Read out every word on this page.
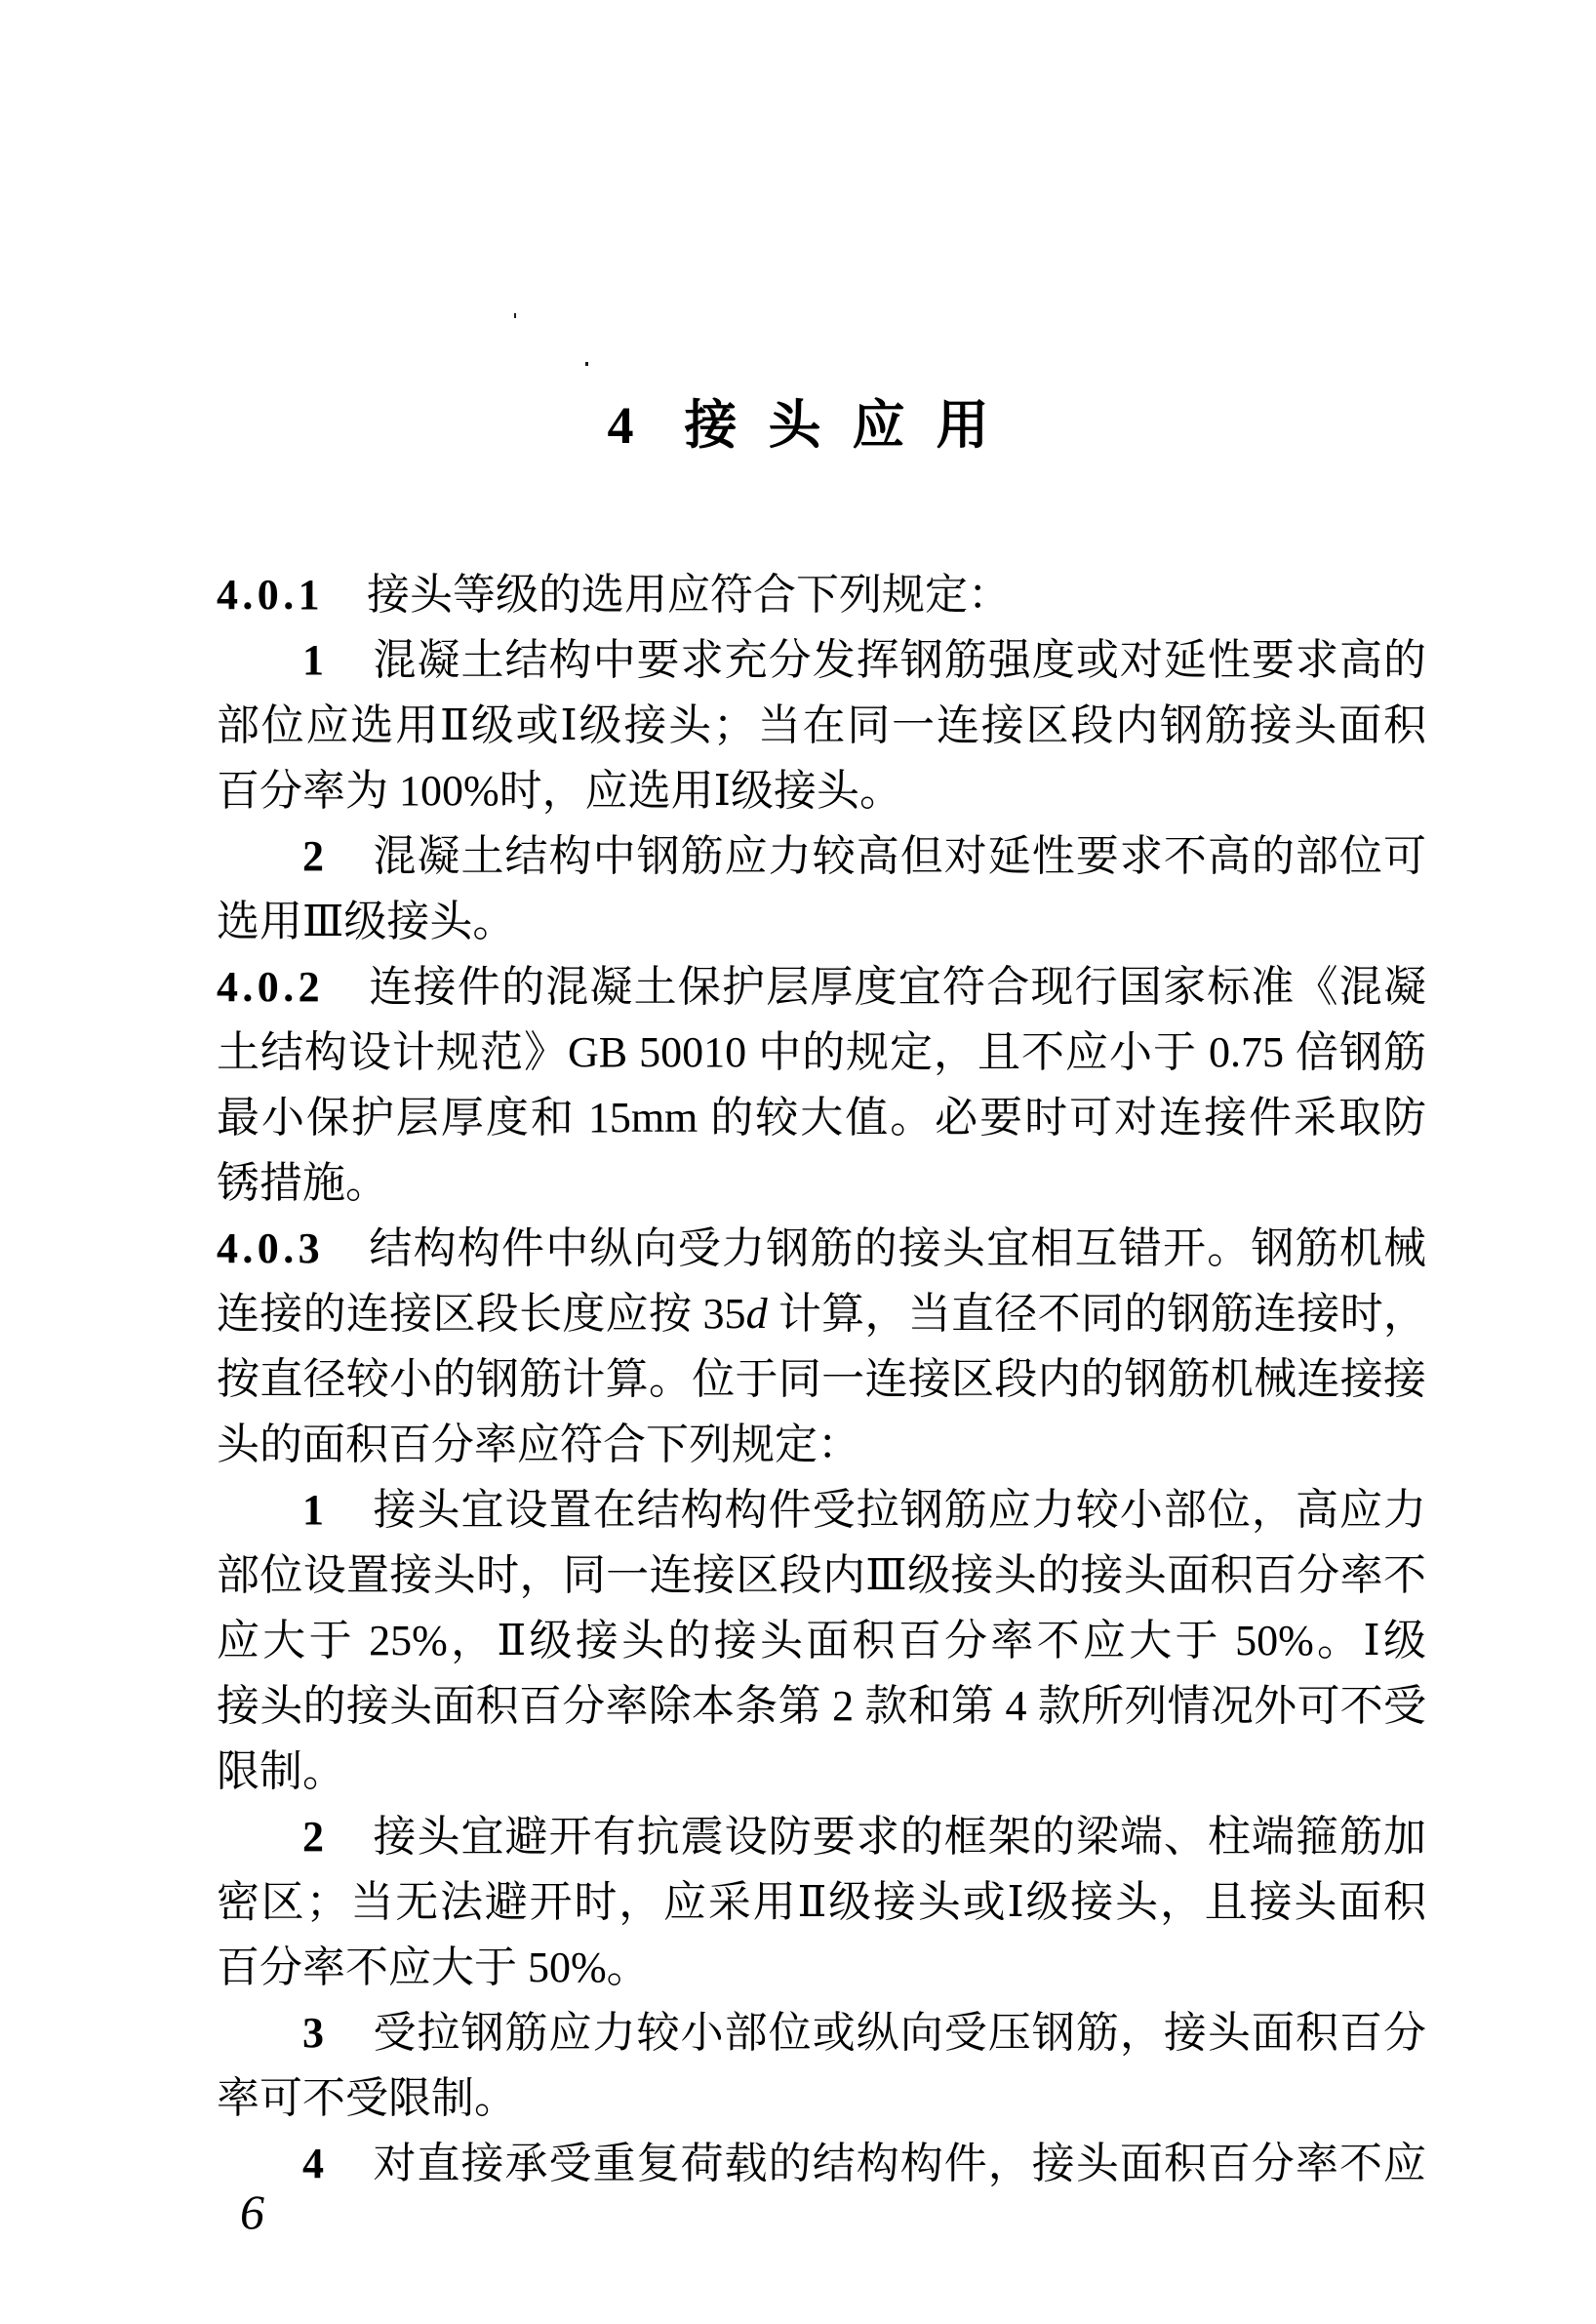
4 接头应用
4.0.1　接头等级的选用应符合下列规定：
1　混凝土结构中要求充分发挥钢筋强度或对延性要求高的
部位应选用Ⅱ级或Ⅰ级接头；当在同一连接区段内钢筋接头面积
百分率为 100%时，应选用Ⅰ级接头。
2　混凝土结构中钢筋应力较高但对延性要求不高的部位可
选用Ⅲ级接头。
4.0.2　连接件的混凝土保护层厚度宜符合现行国家标准《混凝
土结构设计规范》GB 50010 中的规定，且不应小于 0.75 倍钢筋
最小保护层厚度和 15mm 的较大值。必要时可对连接件采取防
锈措施。
4.0.3　结构构件中纵向受力钢筋的接头宜相互错开。钢筋机械
连接的连接区段长度应按 35d 计算，当直径不同的钢筋连接时，
按直径较小的钢筋计算。位于同一连接区段内的钢筋机械连接接
头的面积百分率应符合下列规定：
1　接头宜设置在结构构件受拉钢筋应力较小部位，高应力
部位设置接头时，同一连接区段内Ⅲ级接头的接头面积百分率不
应大于 25%，Ⅱ级接头的接头面积百分率不应大于 50%。Ⅰ级
接头的接头面积百分率除本条第 2 款和第 4 款所列情况外可不受
限制。
2　接头宜避开有抗震设防要求的框架的梁端、柱端箍筋加
密区；当无法避开时，应采用Ⅱ级接头或Ⅰ级接头，且接头面积
百分率不应大于 50%。
3　受拉钢筋应力较小部位或纵向受压钢筋，接头面积百分
率可不受限制。
4　对直接承受重复荷载的结构构件，接头面积百分率不应
6
